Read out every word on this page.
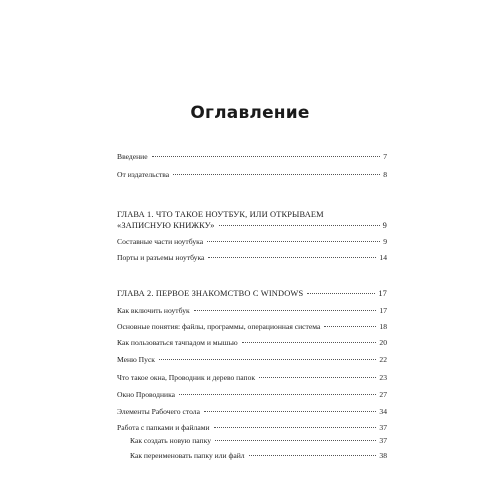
Оглавление
Введение	7
От издательства	8
ГЛАВА 1. ЧТО ТАКОЕ НОУТБУК, ИЛИ ОТКРЫВАЕМ
«ЗАПИСНУЮ КНИЖКУ»	9
Составные части ноутбука	9
Порты и разъемы ноутбука	14
ГЛАВА 2. ПЕРВОЕ ЗНАКОМСТВО С WINDOWS	17
Как включить ноутбук	17
Основные понятия: файлы, программы, операционная система	18
Как пользоваться тачпадом и мышью	20
Меню Пуск	22
Что такое окна, Проводник и дерево папок	23
Окно Проводника	27
Элементы Рабочего стола	34
Работа с папками и файлами	37
Как создать новую папку	37
Как переименовать папку или файл	38
